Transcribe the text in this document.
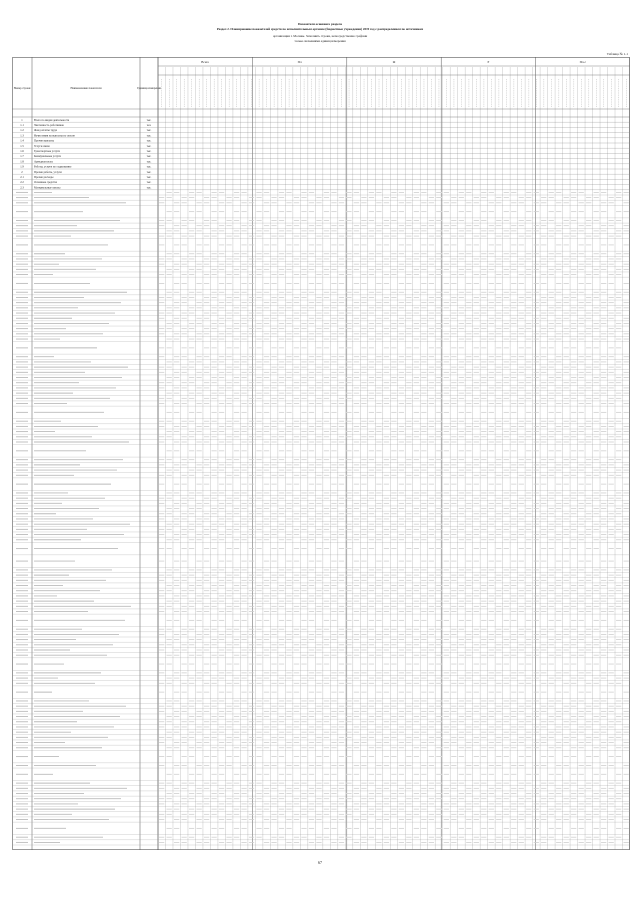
Показатели основного раздела
Раздел 2. Планирование показателей средств по исполнительным органам (бюджетные учреждения) 2019 год с распределением по источникам
организации г. Москвы. Заполнить строки, непосредственно графами
только значениями единиц измерения
Таблица № 1.1
Всего	Пл	Ф	Р	Пл-с
Номер строки	Наименование показателя	Единица измерения
1	Всего по видам деятельности	тыс.
1.1	Численность работников	чел.
1.2	Фонд оплаты труда	тыс.
1.3	Начисления на выплаты по оплате	тыс.
1.4	Прочие выплаты	тыс.
1.5	Услуги связи	тыс.
1.6	Транспортные услуги	тыс.
1.7	Коммунальные услуги	тыс.
1.8	Арендная плата	тыс.
1.9	Работы, услуги по содержанию	тыс.
2	Прочие работы, услуги	тыс.
2.1	Прочие расходы	тыс.
2.2	Основные средства	тыс.
2.3	Материальные запасы	тыс.
67
